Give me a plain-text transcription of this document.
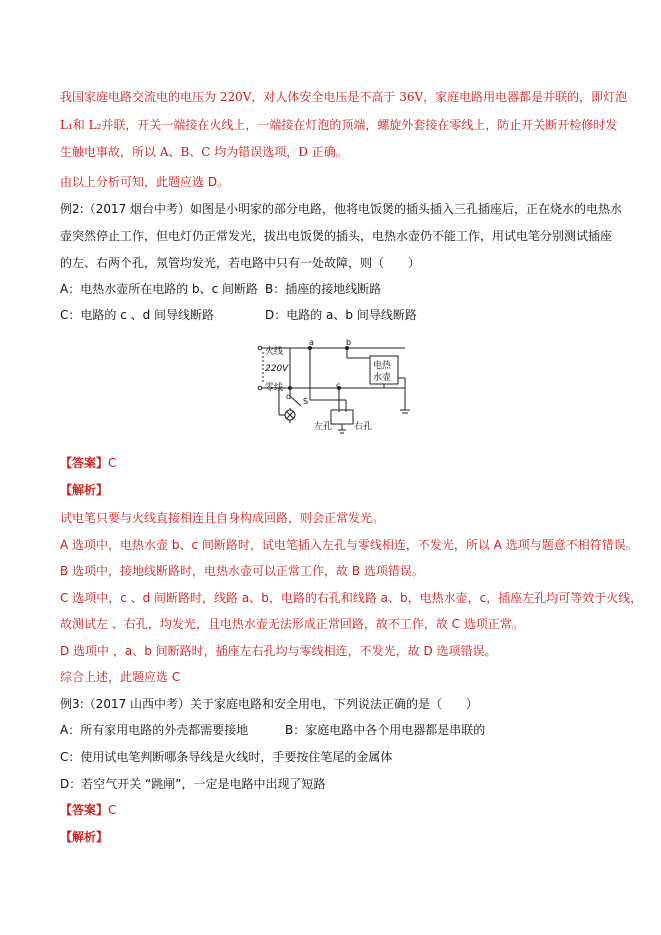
我国家庭电路交流电的电压为 220V，对人体安全电压是不高于 36V，家庭电路用电器都是并联的，即灯泡
L₁和 L₂并联，开关一端接在火线上，一端接在灯泡的顶端，螺旋外套接在零线上，防止开关断开检修时发
生触电事故，所以 A、B、C 均为错误选项，D 正确。
由以上分析可知，此题应选 D。
例2:（2017 烟台中考）如图是小明家的部分电路，他将电饭煲的插头插入三孔插座后，正在烧水的电热水
壶突然停止工作，但电灯仍正常发光，拔出电饭煲的插头，电热水壶仍不能工作，用试电笔分别测试插座
的左、右两个孔，氖管均发光，若电路中只有一处故障，则（　　）
A：电热水壶所在电路的 b、c 间断路 B：插座的接地线断路
C：电路的 c 、d 间导线断路	D：电路的 a、b 间导线断路
火线
220V
零线
a	b
c
d
S
电热
水壶
左孔 右孔
【答案】C
【解析】
试电笔只要与火线直接相连且自身构成回路，则会正常发光。
A 选项中，电热水壶 b、c 间断路时，试电笔插入左孔与零线相连，不发光，所以 A 选项与题意不相符错误。
B 选项中，接地线断路时，电热水壶可以正常工作，故 B 选项错误。
C 选项中，c 、d 间断路时，线路 a、b，电路的右孔和线路 a、b，电热水壶，c，插座左孔均可等效于火线，
故测试左 、右孔，均发光，且电热水壶无法形成正常回路，故不工作，故 C 选项正常。
D 选项中 ，a、b 间断路时，插座左右孔均与零线相连，不发光，故 D 选项错误。
综合上述，此题应选 C
例3:（2017 山西中考）关于家庭电路和安全用电，下列说法正确的是（　　）
A：所有家用电路的外壳都需要接地	B：家庭电路中各个用电器都是串联的
C：使用试电笔判断哪条导线是火线时，手要按住笔尾的金属体
D：若空气开关 “跳闸”，一定是电路中出现了短路
【答案】C
【解析】
